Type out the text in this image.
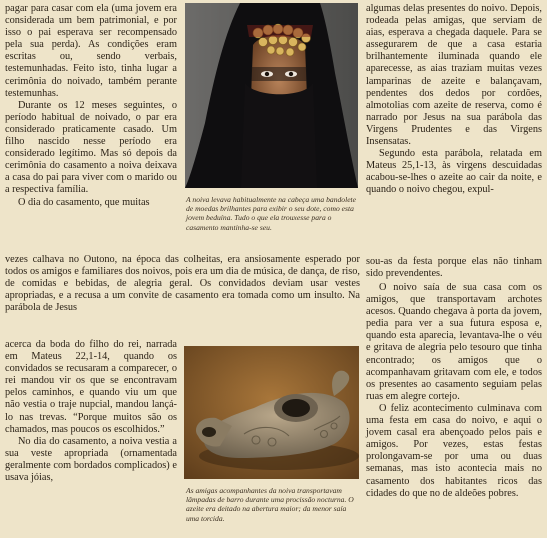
pagar para casar com ela (uma jovem era considerada um bem patrimonial, e por isso o pai esperava ser recompensado pela sua perda). As condições eram escritas ou, sendo verbais, testemunhadas. Feito isto, tinha lugar a cerimônia do noivado, também perante testemunhas.

Durante os 12 meses seguintes, o período habitual de noivado, o par era considerado praticamente casado. Um filho nascido nesse período era considerado legítimo. Mas só depois da cerimônia do casamento a noiva deixava a casa do pai para viver com o marido ou a respectiva família.

O dia do casamento, que muitas	A noiva levava habitualmente na cabeça uma bandolete de moedas brilhantes para exibir o seu dote, como esta jovem beduína. Tudo o que ela trouxesse para o casamento mantinha-se seu.

algumas delas presentes do noivo. Depois, rodeada pelas amigas, que serviam de aias, esperava a chegada daquele. Para se assegurarem de que a casa estaria brilhantemente iluminada quando ele aparecesse, as aias traziam muitas vezes lamparinas de azeite e balançavam, pendentes dos dedos por cordões, almotolias com azeite de reserva, como é narrado por Jesus na sua parábola das Virgens Prudentes e das Virgens Insensatas.

Segundo esta parábola, relatada em Mateus 25,1-13, às virgens descuidadas acabou-se-lhes o azeite ao cair da noite, e quando o noivo chegou, expul-

vezes calhava no Outono, na época das colheitas, era ansiosamente esperado por todos os amigos e familiares dos noivos, pois era um dia de música, de dança, de riso, de comidas e bebidas, de alegria geral. Os convidados deviam usar vestes apropriadas, e a recusa a um convite de casamento era tomada como um insulto. Na parábola de Jesus
sou-as da festa porque elas não tinham sido prevendentes.

acerca da boda do filho do rei, narrada em Mateus 22,1-14, quando os convidados se recusaram a comparecer, o rei mandou vir os que se encontravam pelos caminhos, e quando viu um que não vestia o traje nupcial, mandou lançá-lo nas trevas. “Porque muitos são os chamados, mas poucos os escolhidos.”

No dia do casamento, a noiva vestia a sua veste apropriada (ornamentada geralmente com bordados complicados) e usava jóias,

As amigas acompanhantes da noiva transportavam lâmpadas de barro durante uma procissão nocturna. O azeite era deitado na abertura maior; da menor saía uma torcida.

O noivo saía de sua casa com os amigos, que transportavam archotes acesos. Quando chegava à porta da jovem, pedia para ver a sua futura esposa e, quando esta aparecia, levantava-lhe o véu e gritava de alegria pelo tesouro que tinha encontrado; os amigos que o acompanhavam gritavam com ele, e todos os presentes ao casamento seguiam pelas ruas em alegre cortejo.

O feliz acontecimento culminava com uma festa em casa do noivo, e aqui o jovem casal era abençoado pelos pais e amigos. Por vezes, estas festas prolongavam-se por uma ou duas semanas, mas isto acontecia mais no casamento dos habitantes ricos das cidades do que no de aldeões pobres.
